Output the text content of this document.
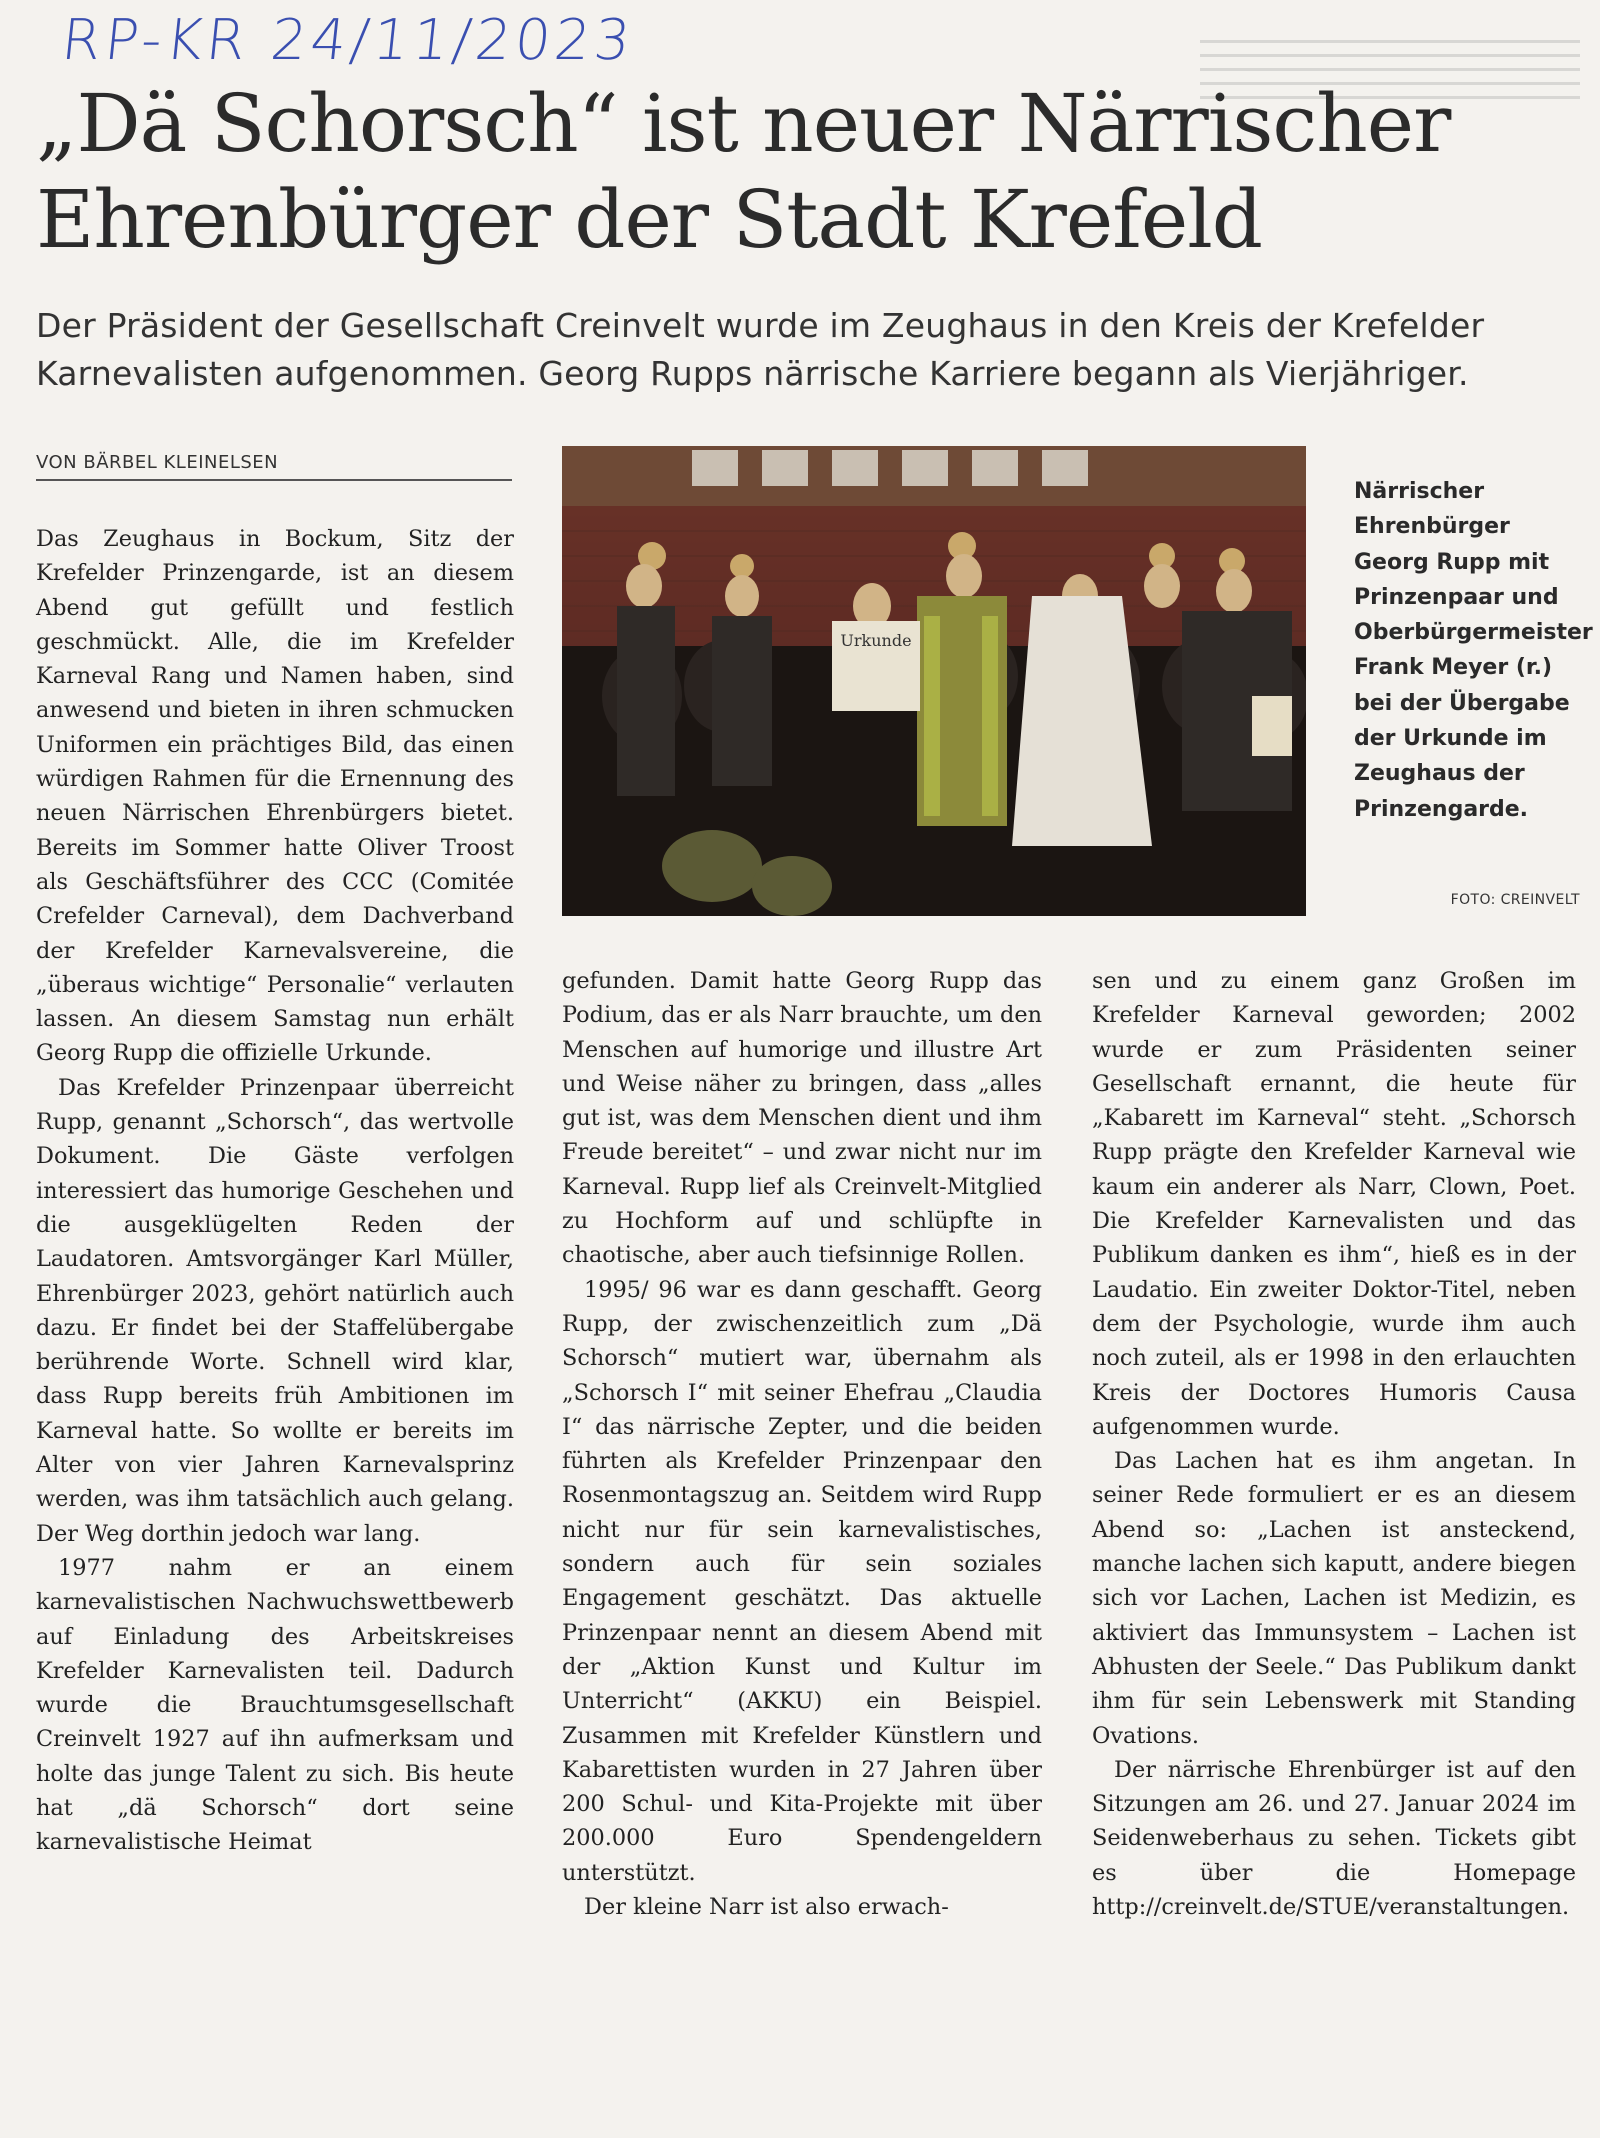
RP-KR 24/11/2023
„Dä Schorsch“ ist neuer Närrischer Ehrenbürger der Stadt Krefeld

Der Präsident der Gesellschaft Creinvelt wurde im Zeughaus in den Kreis der Krefelder Karnevalisten aufgenommen. Georg Rupps närrische Karriere begann als Vierjähriger.

VON BÄRBEL KLEINELSEN

Das Zeughaus in Bockum, Sitz der Krefelder Prinzengarde, ist an diesem Abend gut gefüllt und festlich geschmückt. Alle, die im Krefelder Karneval Rang und Namen haben, sind anwesend und bieten in ihren schmucken Uniformen ein prächtiges Bild, das einen würdigen Rahmen für die Ernennung des neuen Närrischen Ehrenbürgers bietet. Bereits im Sommer hatte Oliver Troost als Geschäftsführer des CCC (Comitée Crefelder Carneval), dem Dachverband der Krefelder Karnevalsvereine, die „überaus wichtige“ Personalie“ verlauten lassen. An diesem Samstag nun erhält Georg Rupp die offizielle Urkunde.

Das Krefelder Prinzenpaar überreicht Rupp, genannt „Schorsch“, das wertvolle Dokument. Die Gäste verfolgen interessiert das humorige Geschehen und die ausgeklügelten Reden der Laudatoren. Amtsvorgänger Karl Müller, Ehrenbürger 2023, gehört natürlich auch dazu. Er findet bei der Staffelübergabe berührende Worte. Schnell wird klar, dass Rupp bereits früh Ambitionen im Karneval hatte. So wollte er bereits im Alter von vier Jahren Karnevalsprinz werden, was ihm tatsächlich auch gelang. Der Weg dorthin jedoch war lang.

1977 nahm er an einem karnevalistischen Nachwuchswettbewerb auf Einladung des Arbeitskreises Krefelder Karnevalisten teil. Dadurch wurde die Brauchtumsgesellschaft Creinvelt 1927 auf ihn aufmerksam und holte das junge Talent zu sich. Bis heute hat „dä Schorsch“ dort seine karnevalistische Heimat

Urkunde
Närrischer Ehrenbürger Georg Rupp mit Prinzenpaar und Oberbürgermeister Frank Meyer (r.) bei der Übergabe der Urkunde im Zeughaus der Prinzengarde.
FOTO: CREINVELT

gefunden. Damit hatte Georg Rupp das Podium, das er als Narr brauchte, um den Menschen auf humorige und illustre Art und Weise näher zu bringen, dass „alles gut ist, was dem Menschen dient und ihm Freude bereitet“ – und zwar nicht nur im Karneval. Rupp lief als Creinvelt-Mitglied zu Hochform auf und schlüpfte in chaotische, aber auch tiefsinnige Rollen.

1995/ 96 war es dann geschafft. Georg Rupp, der zwischenzeitlich zum „Dä Schorsch“ mutiert war, übernahm als „Schorsch I“ mit seiner Ehefrau „Claudia I“ das närrische Zepter, und die beiden führten als Krefelder Prinzenpaar den Rosenmontagszug an. Seitdem wird Rupp nicht nur für sein karnevalistisches, sondern auch für sein soziales Engagement geschätzt. Das aktuelle Prinzenpaar nennt an diesem Abend mit der „Aktion Kunst und Kultur im Unterricht“ (AKKU) ein Beispiel. Zusammen mit Krefelder Künstlern und Kabarettisten wurden in 27 Jahren über 200 Schul- und Kita-Projekte mit über 200.000 Euro Spendengeldern unterstützt.

Der kleine Narr ist also erwach-

sen und zu einem ganz Großen im Krefelder Karneval geworden; 2002 wurde er zum Präsidenten seiner Gesellschaft ernannt, die heute für „Kabarett im Karneval“ steht. „Schorsch Rupp prägte den Krefelder Karneval wie kaum ein anderer als Narr, Clown, Poet. Die Krefelder Karnevalisten und das Publikum danken es ihm“, hieß es in der Laudatio. Ein zweiter Doktor-Titel, neben dem der Psychologie, wurde ihm auch noch zuteil, als er 1998 in den erlauchten Kreis der Doctores Humoris Causa aufgenommen wurde.

Das Lachen hat es ihm angetan. In seiner Rede formuliert er es an diesem Abend so: „Lachen ist ansteckend, manche lachen sich kaputt, andere biegen sich vor Lachen, Lachen ist Medizin, es aktiviert das Immunsystem – Lachen ist Abhusten der Seele.“ Das Publikum dankt ihm für sein Lebenswerk mit Standing Ovations.

Der närrische Ehrenbürger ist auf den Sitzungen am 26. und 27. Januar 2024 im Seidenweberhaus zu sehen. Tickets gibt es über die Homepage http://creinvelt.de/STUE/veranstaltungen.
